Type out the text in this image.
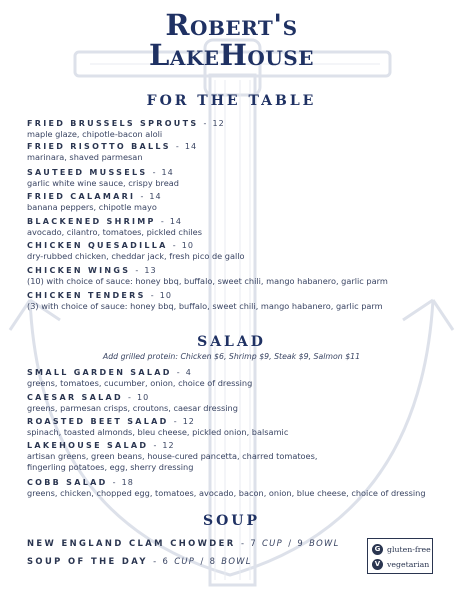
Robert's
LakeHouse
FOR THE TABLE
FRIED BRUSSELS SPROUTS - 12
maple glaze, chipotle-bacon aloli
FRIED RISOTTO BALLS - 14
marinara, shaved parmesan
SAUTEED MUSSELS - 14
garlic white wine sauce, crispy bread
FRIED CALAMARI - 14
banana peppers, chipotle mayo
BLACKENED SHRIMP - 14
avocado, cilantro, tomatoes, pickled chiles
CHICKEN QUESADILLA - 10
dry-rubbed chicken, cheddar jack, fresh pico de gallo
CHICKEN WINGS - 13
(10) with choice of sauce: honey bbq, buffalo, sweet chili, mango habanero, garlic parm
CHICKEN TENDERS - 10
(3) with choice of sauce: honey bbq, buffalo, sweet chili, mango habanero, garlic parm
SALAD
Add grilled protein: Chicken $6, Shrimp $9, Steak $9, Salmon $11
SMALL GARDEN SALAD - 4
greens, tomatoes, cucumber, onion, choice of dressing
CAESAR SALAD - 10
greens, parmesan crisps, croutons, caesar dressing
ROASTED BEET SALAD - 12
spinach, toasted almonds, bleu cheese, pickled onion, balsamic
LAKEHOUSE SALAD - 12
artisan greens, green beans, house-cured pancetta, charred tomatoes,
fingerling potatoes, egg, sherry dressing
COBB SALAD - 18
greens, chicken, chopped egg, tomatoes, avocado, bacon, onion, blue cheese, choice of dressing
SOUP
NEW ENGLAND CLAM CHOWDER - 7 CUP / 9 BOWL
SOUP OF THE DAY - 6 CUP / 8 BOWL
G gluten-free
V vegetarian
